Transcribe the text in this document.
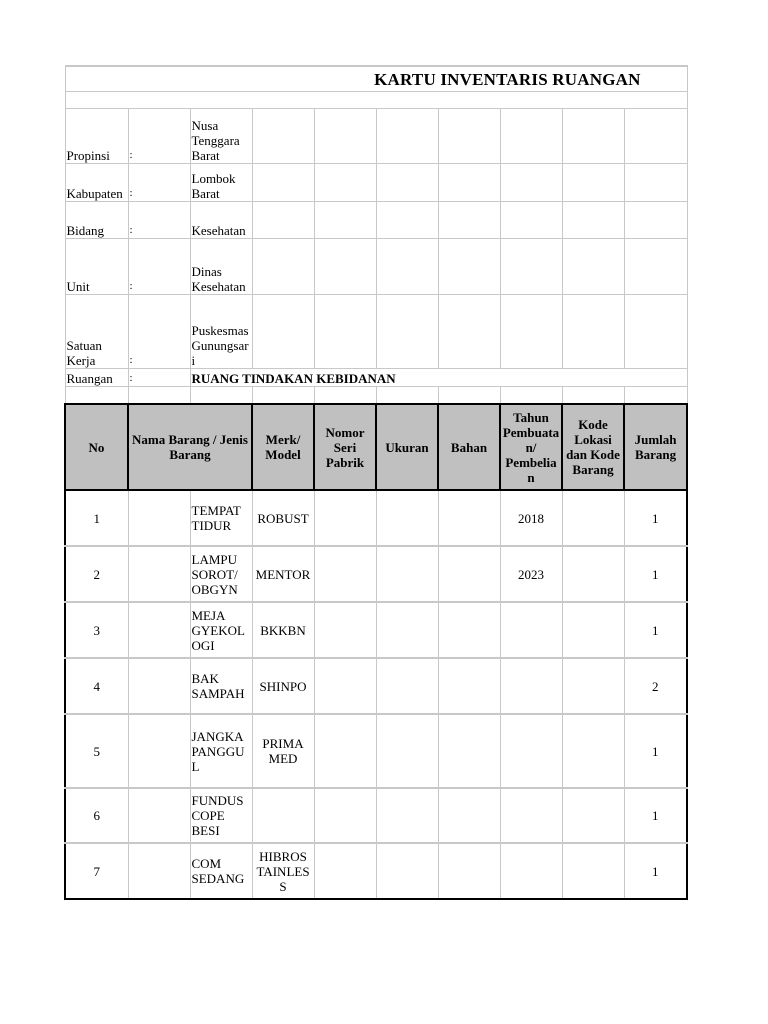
KARTU INVENTARIS RUANGAN									

Propinsi	:	Nusa Tenggara Barat							
Kabupaten	:	Lombok Barat							
Bidang	:	Kesehatan							
Unit	:	Dinas Kesehatan							
Satuan Kerja	:	Puskesmas Gunungsari							
Ruangan	:	RUANG TINDAKAN KEBIDANAN							

No	Nama Barang / Jenis Barang		Merk/ Model	Nomor Seri Pabrik	Ukuran	Bahan	Tahun Pembuatan/ Pembelian	Kode Lokasi dan Kode Barang	Jumlah Barang
1		TEMPAT TIDUR	ROBUST				2018		1
2		LAMPU SOROT/ OBGYN	MENTOR				2023		1
3		MEJA GYEKOLOGI	BKKBN						1
4		BAK SAMPAH	SHINPO						2
5		JANGKA PANGGUL	PRIMA MED						1
6		FUNDUS COPE BESI							1
7		COM SEDANG	HIBROS TAINLESS						1
